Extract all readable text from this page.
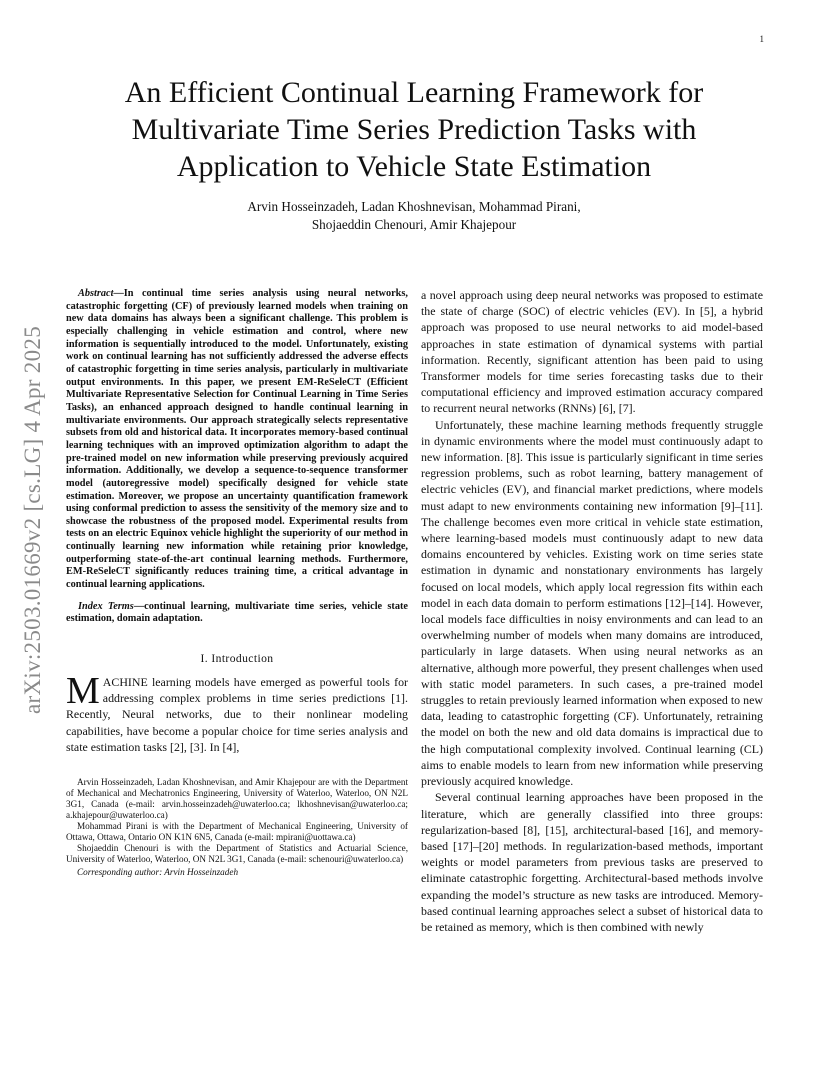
1
arXiv:2503.01669v2 [cs.LG] 4 Apr 2025
An Efficient Continual Learning Framework for Multivariate Time Series Prediction Tasks with Application to Vehicle State Estimation
Arvin Hosseinzadeh, Ladan Khoshnevisan, Mohammad Pirani,
Shojaeddin Chenouri, Amir Khajepour

Abstract—In continual time series analysis using neural networks, catastrophic forgetting (CF) of previously learned models when training on new data domains has always been a significant challenge. This problem is especially challenging in vehicle estimation and control, where new information is sequentially introduced to the model. Unfortunately, existing work on continual learning has not sufficiently addressed the adverse effects of catastrophic forgetting in time series analysis, particularly in multivariate output environments. In this paper, we present EM-ReSeleCT (Efficient Multivariate Representative Selection for Continual Learning in Time Series Tasks), an enhanced approach designed to handle continual learning in multivariate environments. Our approach strategically selects representative subsets from old and historical data. It incorporates memory-based continual learning techniques with an improved optimization algorithm to adapt the pre-trained model on new information while preserving previously acquired information. Additionally, we develop a sequence-to-sequence transformer model (autoregressive model) specifically designed for vehicle state estimation. Moreover, we propose an uncertainty quantification framework using conformal prediction to assess the sensitivity of the memory size and to showcase the robustness of the proposed model. Experimental results from tests on an electric Equinox vehicle highlight the superiority of our method in continually learning new information while retaining prior knowledge, outperforming state-of-the-art continual learning methods. Furthermore, EM-ReSeleCT significantly reduces training time, a critical advantage in continual learning applications.

Index Terms—continual learning, multivariate time series, vehicle state estimation, domain adaptation.

I. Introduction

MACHINE learning models have emerged as powerful tools for addressing complex problems in time series predictions [1]. Recently, Neural networks, due to their nonlinear modeling capabilities, have become a popular choice for time series analysis and state estimation tasks [2], [3]. In [4],

Arvin Hosseinzadeh, Ladan Khoshnevisan, and Amir Khajepour are with the Department of Mechanical and Mechatronics Engineering, University of Waterloo, Waterloo, ON N2L 3G1, Canada (e-mail: arvin.hosseinzadeh@uwaterloo.ca; lkhoshnevisan@uwaterloo.ca; a.khajepour@uwaterloo.ca)

Mohammad Pirani is with the Department of Mechanical Engineering, University of Ottawa, Ottawa, Ontario ON K1N 6N5, Canada (e-mail: mpirani@uottawa.ca)

Shojaeddin Chenouri is with the Department of Statistics and Actuarial Science, University of Waterloo, Waterloo, ON N2L 3G1, Canada (e-mail: schenouri@uwaterloo.ca)

Corresponding author: Arvin Hosseinzadeh

a novel approach using deep neural networks was proposed to estimate the state of charge (SOC) of electric vehicles (EV). In [5], a hybrid approach was proposed to use neural networks to aid model-based approaches in state estimation of dynamical systems with partial information. Recently, significant attention has been paid to using Transformer models for time series forecasting tasks due to their computational efficiency and improved estimation accuracy compared to recurrent neural networks (RNNs) [6], [7].

Unfortunately, these machine learning methods frequently struggle in dynamic environments where the model must continuously adapt to new information. [8]. This issue is particularly significant in time series regression problems, such as robot learning, battery management of electric vehicles (EV), and financial market predictions, where models must adapt to new environments containing new information [9]–[11]. The challenge becomes even more critical in vehicle state estimation, where learning-based models must continuously adapt to new data domains encountered by vehicles. Existing work on time series state estimation in dynamic and nonstationary environments has largely focused on local models, which apply local regression fits within each model in each data domain to perform estimations [12]–[14]. However, local models face difficulties in noisy environments and can lead to an overwhelming number of models when many domains are introduced, particularly in large datasets. When using neural networks as an alternative, although more powerful, they present challenges when used with static model parameters. In such cases, a pre-trained model struggles to retain previously learned information when exposed to new data, leading to catastrophic forgetting (CF). Unfortunately, retraining the model on both the new and old data domains is impractical due to the high computational complexity involved. Continual learning (CL) aims to enable models to learn from new information while preserving previously acquired knowledge.

Several continual learning approaches have been proposed in the literature, which are generally classified into three groups: regularization-based [8], [15], architectural-based [16], and memory-based [17]–[20] methods. In regularization-based methods, important weights or model parameters from previous tasks are preserved to eliminate catastrophic forgetting. Architectural-based methods involve expanding the model’s structure as new tasks are introduced. Memory-based continual learning approaches select a subset of historical data to be retained as memory, which is then combined with newly
